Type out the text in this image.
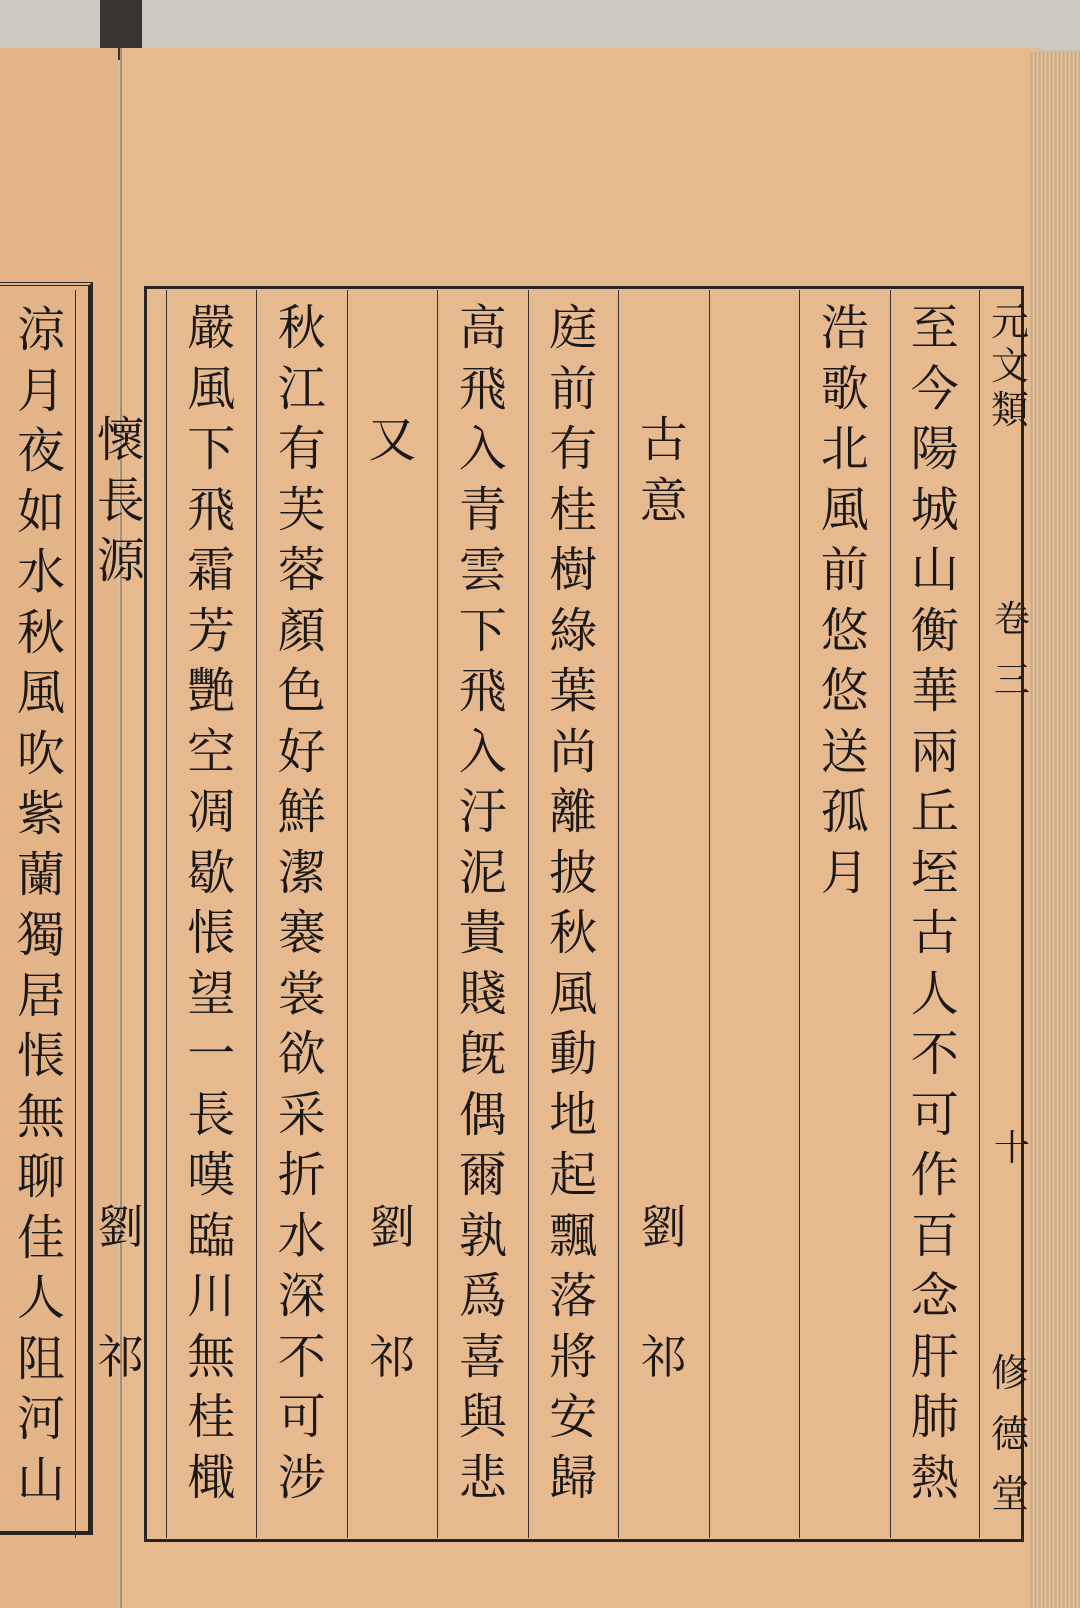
涼
月
夜
如
水
秋
風
吹
紫
蘭
獨
居
悵
無
聊
佳
人
阻
河
山
元
文
類
卷
三
十
修
德
堂
至
今
陽
城
山
衡
華
兩
丘
垤
古
人
不
可
作
百
念
肝
肺
熱
浩
歌
北
風
前
悠
悠
送
孤
月
古
意
劉
祁
庭
前
有
桂
樹
綠
葉
尚
離
披
秋
風
動
地
起
飄
落
將
安
歸
高
飛
入
青
雲
下
飛
入
汙
泥
貴
賤
旣
偶
爾
孰
爲
喜
與
悲
又
劉
祁
秋
江
有
芙
蓉
顏
色
好
鮮
潔
褰
裳
欲
采
折
水
深
不
可
涉
嚴
風
下
飛
霜
芳
艷
空
凋
歇
悵
望
一
長
嘆
臨
川
無
桂
檝
懷
長
源
劉
祁
